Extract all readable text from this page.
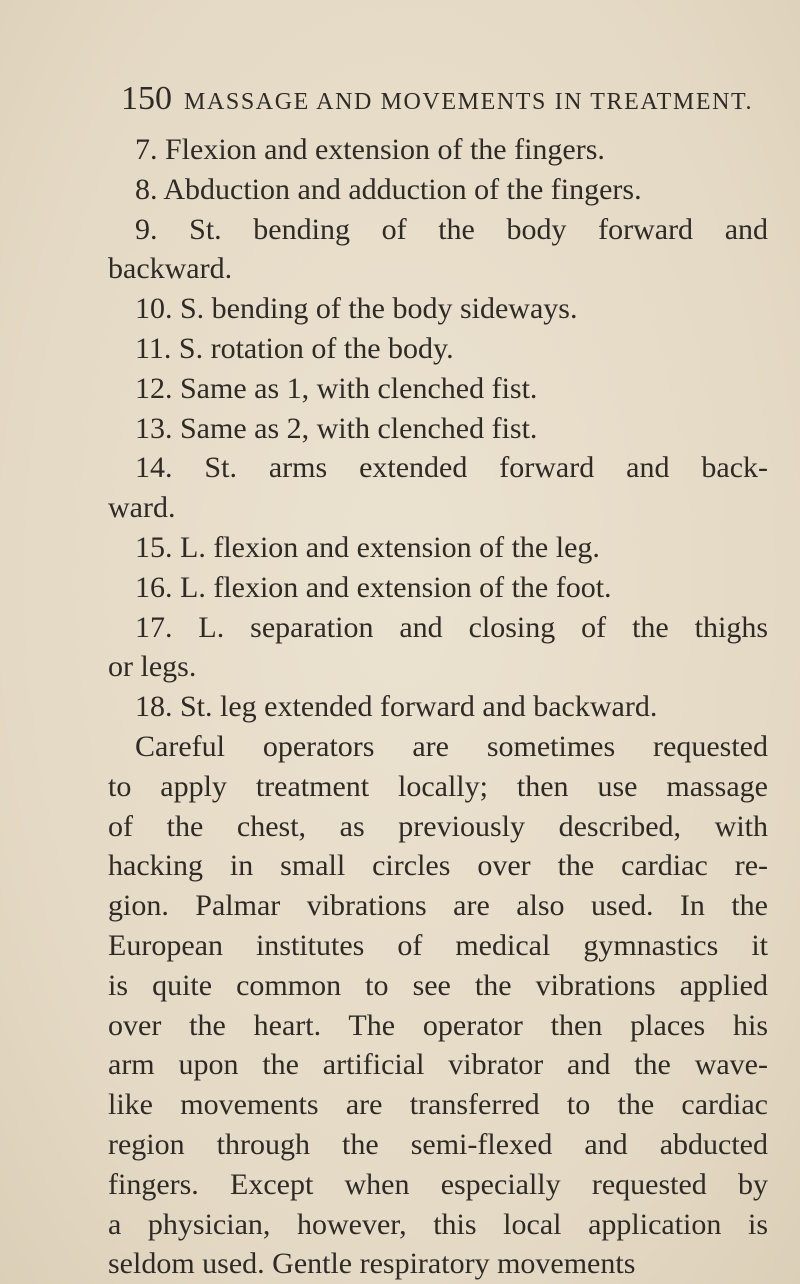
150 MASSAGE AND MOVEMENTS IN TREATMENT.
7. Flexion and extension of the fingers.
8. Abduction and adduction of the fingers.
9. St. bending of the body forward and
backward.
10. S. bending of the body sideways.
11. S. rotation of the body.
12. Same as 1, with clenched fist.
13. Same as 2, with clenched fist.
14. St. arms extended forward and back-
ward.
15. L. flexion and extension of the leg.
16. L. flexion and extension of the foot.
17. L. separation and closing of the thighs
or legs.
18. St. leg extended forward and backward.
Careful operators are sometimes requested
to apply treatment locally; then use massage
of the chest, as previously described, with
hacking in small circles over the cardiac re-
gion. Palmar vibrations are also used. In the
European institutes of medical gymnastics it
is quite common to see the vibrations applied
over the heart. The operator then places his
arm upon the artificial vibrator and the wave-
like movements are transferred to the cardiac
region through the semi-flexed and abducted
fingers. Except when especially requested by
a physician, however, this local application is
seldom used. Gentle respiratory movements
